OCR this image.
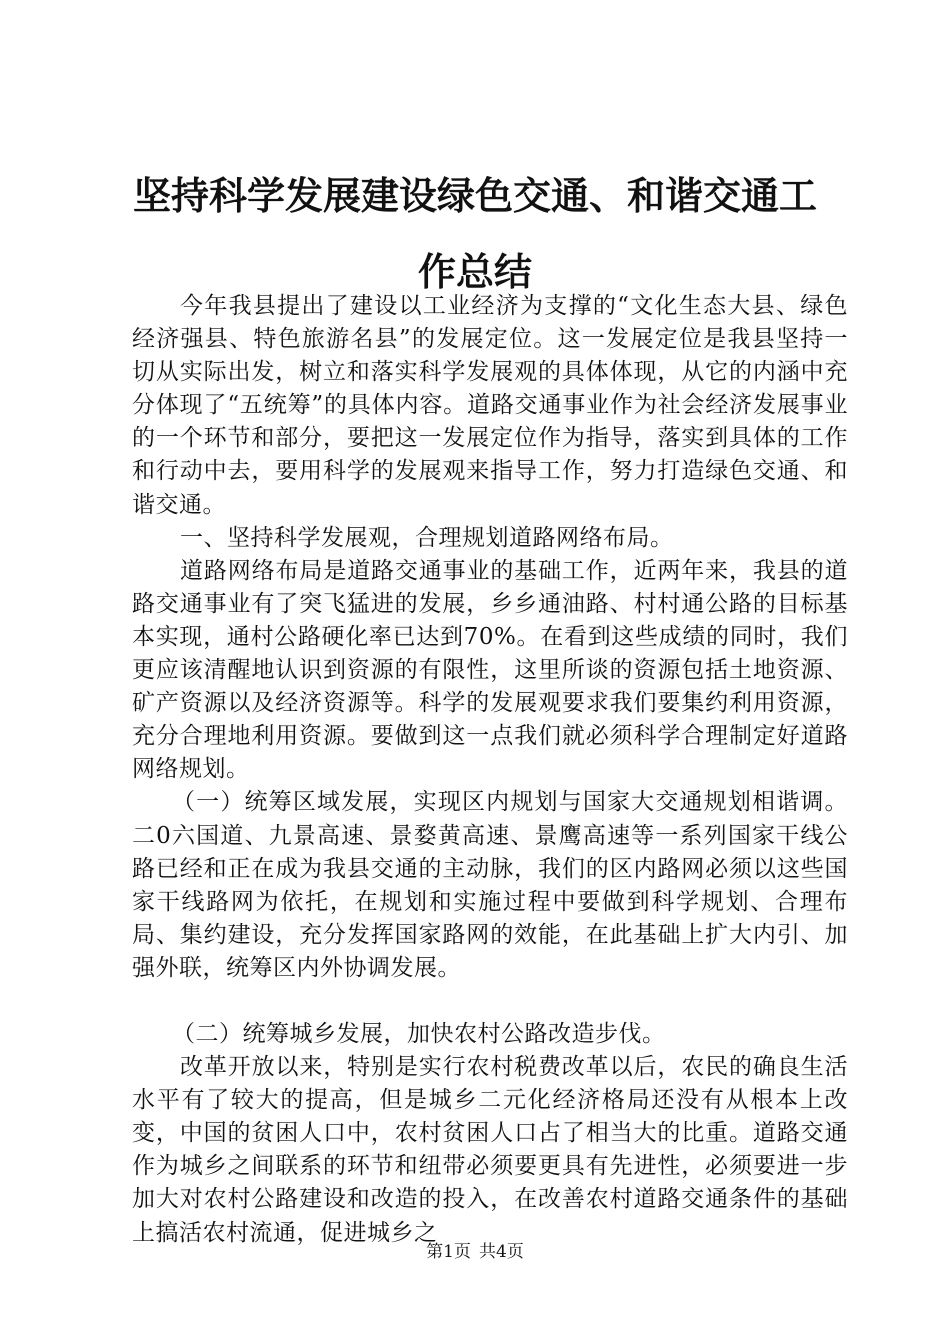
坚持科学发展建设绿色交通、和谐交通工作总结

今年我县提出了建设以工业经济为支撑的“文化生态大县、绿色经济强县、特色旅游名县”的发展定位。这一发展定位是我县坚持一切从实际出发，树立和落实科学发展观的具体体现，从它的内涵中充分体现了“五统筹”的具体内容。道路交通事业作为社会经济发展事业的一个环节和部分，要把这一发展定位作为指导，落实到具体的工作和行动中去，要用科学的发展观来指导工作，努力打造绿色交通、和谐交通。

一、坚持科学发展观，合理规划道路网络布局。

道路网络布局是道路交通事业的基础工作，近两年来，我县的道路交通事业有了突飞猛进的发展，乡乡通油路、村村通公路的目标基本实现，通村公路硬化率已达到70%。在看到这些成绩的同时，我们更应该清醒地认识到资源的有限性，这里所谈的资源包括土地资源、矿产资源以及经济资源等。科学的发展观要求我们要集约利用资源，充分合理地利用资源。要做到这一点我们就必须科学合理制定好道路网络规划。

（一）统筹区域发展，实现区内规划与国家大交通规划相谐调。二0六国道、九景高速、景婺黄高速、景鹰高速等一系列国家干线公路已经和正在成为我县交通的主动脉，我们的区内路网必须以这些国家干线路网为依托，在规划和实施过程中要做到科学规划、合理布局、集约建设，充分发挥国家路网的效能，在此基础上扩大内引、加强外联，统筹区内外协调发展。

（二）统筹城乡发展，加快农村公路改造步伐。

改革开放以来，特别是实行农村税费改革以后，农民的确良生活水平有了较大的提高，但是城乡二元化经济格局还没有从根本上改变，中国的贫困人口中，农村贫困人口占了相当大的比重。道路交通作为城乡之间联系的环节和纽带必须要更具有先进性，必须要进一步加大对农村公路建设和改造的投入，在改善农村道路交通条件的基础上搞活农村流通，促进城乡之

第1页 共4页
